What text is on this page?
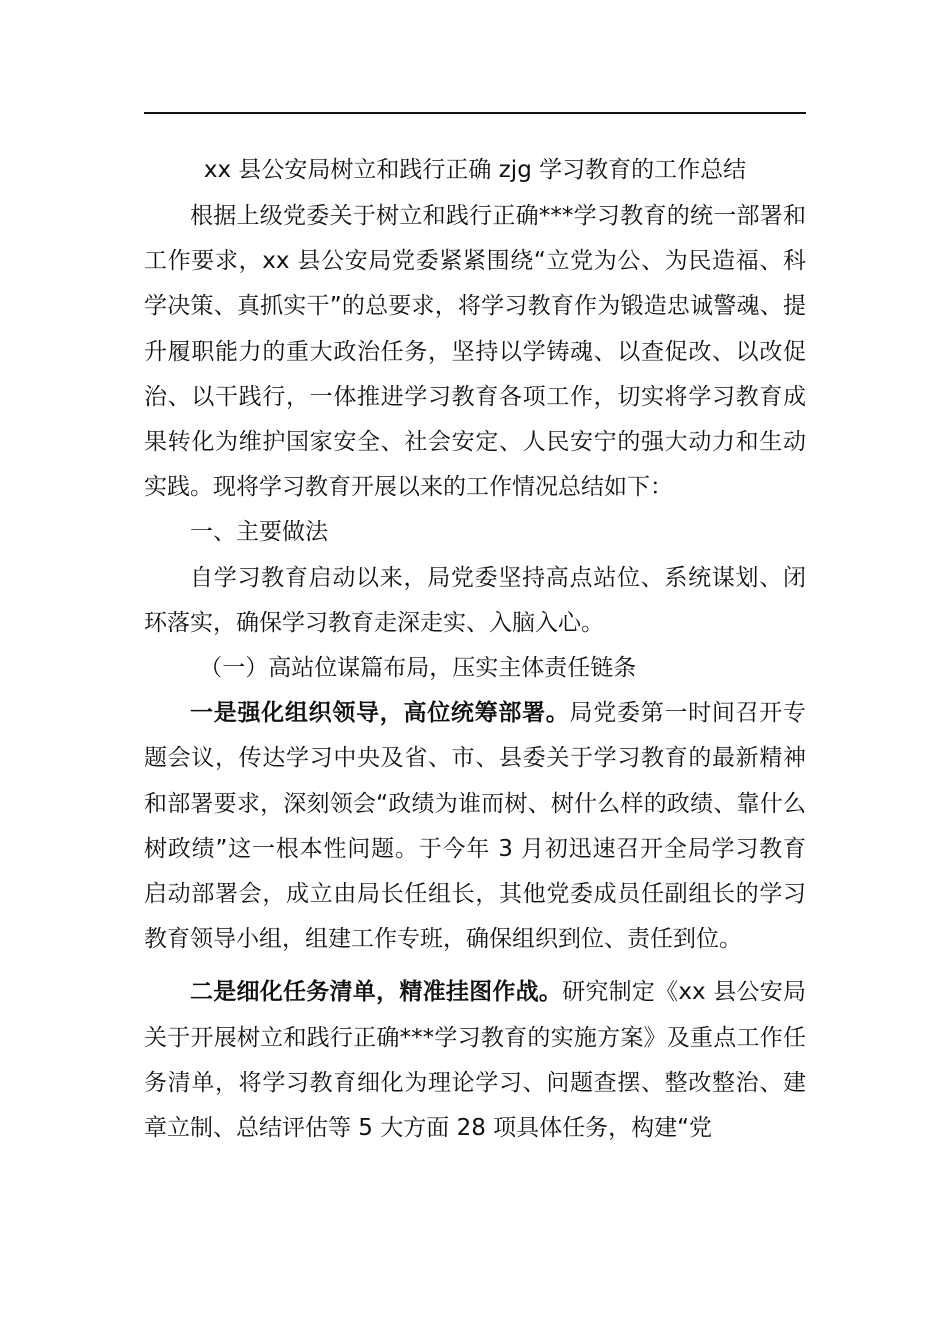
xx 县公安局树立和践行正确 zjg 学习教育的工作总结

根据上级党委关于树立和践行正确***学习教育的统一部署和工作要求，xx 县公安局党委紧紧围绕“立党为公、为民造福、科学决策、真抓实干”的总要求，将学习教育作为锻造忠诚警魂、提升履职能力的重大政治任务，坚持以学铸魂、以查促改、以改促治、以干践行，一体推进学习教育各项工作，切实将学习教育成果转化为维护国家安全、社会安定、人民安宁的强大动力和生动实践。现将学习教育开展以来的工作情况总结如下：

一、主要做法

自学习教育启动以来，局党委坚持高点站位、系统谋划、闭环落实，确保学习教育走深走实、入脑入心。

（一）高站位谋篇布局，压实主体责任链条

一是强化组织领导，高位统筹部署。局党委第一时间召开专题会议，传达学习中央及省、市、县委关于学习教育的最新精神和部署要求，深刻领会“政绩为谁而树、树什么样的政绩、靠什么树政绩”这一根本性问题。于今年 3 月初迅速召开全局学习教育启动部署会，成立由局长任组长，其他党委成员任副组长的学习教育领导小组，组建工作专班，确保组织到位、责任到位。

二是细化任务清单，精准挂图作战。研究制定《xx 县公安局关于开展树立和践行正确***学习教育的实施方案》及重点工作任务清单，将学习教育细化为理论学习、问题查摆、整改整治、建章立制、总结评估等 5 大方面 28 项具体任务，构建“党
